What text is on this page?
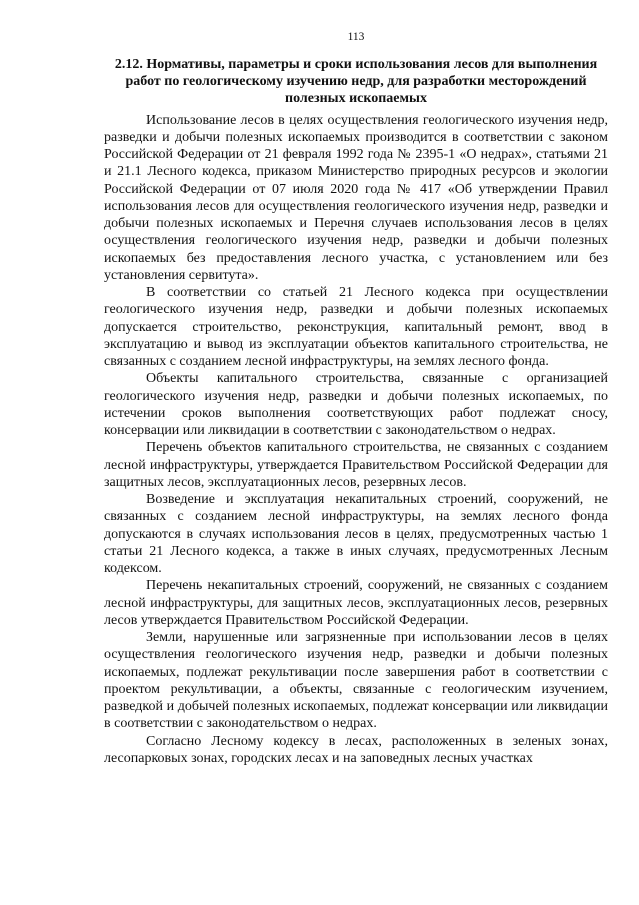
113
2.12. Нормативы, параметры и сроки использования лесов для выполнения работ по геологическому изучению недр, для разработки месторождений полезных ископаемых

Использование лесов в целях осуществления геологического изучения недр, разведки и добычи полезных ископаемых производится в соответствии с законом Российской Федерации от 21 февраля 1992 года № 2395-1 «О недрах», статьями 21 и 21.1 Лесного кодекса, приказом Министерство природных ресурсов и экологии Российской Федерации от 07 июля 2020 года № 417 «Об утверждении Правил использования лесов для осуществления геологического изучения недр, разведки и добычи полезных ископаемых и Перечня случаев использования лесов в целях осуществления геологического изучения недр, разведки и добычи полезных ископаемых без предоставления лесного участка, с установлением или без установления сервитута».

В соответствии со статьей 21 Лесного кодекса при осуществлении геологического изучения недр, разведки и добычи полезных ископаемых допускается строительство, реконструкция, капитальный ремонт, ввод в эксплуатацию и вывод из эксплуатации объектов капитального строительства, не связанных с созданием лесной инфраструктуры, на землях лесного фонда.

Объекты капитального строительства, связанные с организацией геологического изучения недр, разведки и добычи полезных ископаемых, по истечении сроков выполнения соответствующих работ подлежат сносу, консервации или ликвидации в соответствии с законодательством о недрах.

Перечень объектов капитального строительства, не связанных с созданием лесной инфраструктуры, утверждается Правительством Российской Федерации для защитных лесов, эксплуатационных лесов, резервных лесов.

Возведение и эксплуатация некапитальных строений, сооружений, не связанных с созданием лесной инфраструктуры, на землях лесного фонда допускаются в случаях использования лесов в целях, предусмотренных частью 1 статьи 21 Лесного кодекса, а также в иных случаях, предусмотренных Лесным кодексом.

Перечень некапитальных строений, сооружений, не связанных с созданием лесной инфраструктуры, для защитных лесов, эксплуатационных лесов, резервных лесов утверждается Правительством Российской Федерации.

Земли, нарушенные или загрязненные при использовании лесов в целях осуществления геологического изучения недр, разведки и добычи полезных ископаемых, подлежат рекультивации после завершения работ в соответствии с проектом рекультивации, а объекты, связанные с геологическим изучением, разведкой и добычей полезных ископаемых, подлежат консервации или ликвидации в соответствии с законодательством о недрах.

Согласно Лесному кодексу в лесах, расположенных в зеленых зонах, лесопарковых зонах, городских лесах и на заповедных лесных участках
